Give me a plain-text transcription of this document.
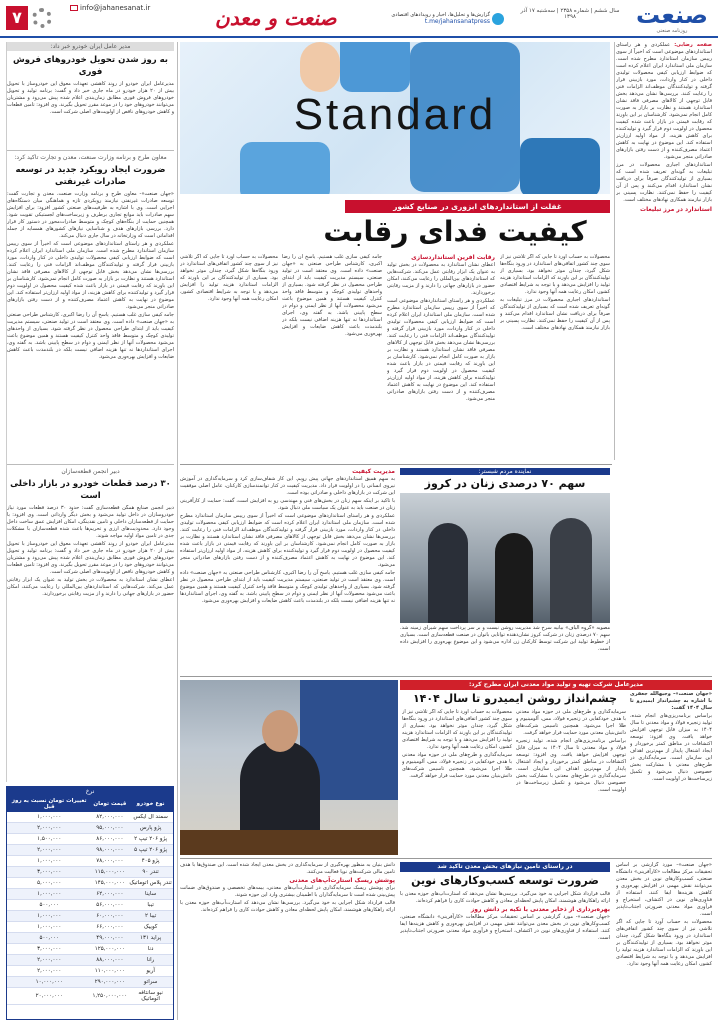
۷	info@jahanesanat.ir	صنعت و معدن	گزارش‌ها و تحلیل‌ها، اخبار و رویدادهای اقتصادی
t.me/jahansanatpress
سال ششم | شماره ۲۳۵۸ | سه‌شنبه ۱۷ آذر ۱۳۹۸	صنعت
روزنامه صنعتی
Standard
غفلت از استانداردهای ابزوری در صنایع کشور
کیفیت فدای رقابت

صفحه رضایی: عملکردی و هر راستای استانداردهای موضوعی است که اخیراً از سوی رییس سازمان استاندارد مطرح شده است. سازمان ملی استاندارد ایران اعلام کرده است که ضوابط ارزیابی کیفی محصولات تولیدی داخلی در کنار واردات، مورد بازبینی قرار گرفته و تولیدکنندگان موظف‌اند الزامات فنی را رعایت کنند. بررسی‌ها نشان می‌دهد بخش قابل توجهی از کالاهای مصرفی فاقد نشان استاندارد هستند و نظارت بر بازار به صورت کامل انجام نمی‌شود. کارشناسان بر این باورند که رقابت قیمتی در بازار باعث شده کیفیت محصول در اولویت دوم قرار گیرد و تولیدکننده برای کاهش هزینه، از مواد اولیه ارزان‌تر استفاده کند. این موضوع در نهایت به کاهش اعتماد مصرف‌کننده و از دست رفتن بازارهای صادراتی منجر می‌شود.

استانداردهای اجباری محصولات در مرز تبلیغات به گونه‌ای تعریف شده است که بسیاری از تولیدکنندگان صرفاً برای دریافت نشان استاندارد اقدام می‌کنند و پس از آن کیفیت را حفظ نمی‌کنند. نظارت پسینی بر بازار نیازمند همکاری نهادهای مختلف است.

استاندارد در مرز تبلیغات

محصولات به حساب آورد تا جایی که اگر تلاشی نیز از سوی چند کشور اتفاقی‌های استاندارد در ورود بنگاه‌ها شکل گیرد، چندان موثر نخواهد بود. بسیاری از تولیدکنندگان بر این باورند که الزامات استاندارد هزینه تولید را افزایش می‌دهد و با توجه به شرایط اقتصادی کشور، امکان رعایت همه آنها وجود ندارد.

استانداردهای اجباری محصولات در مرز تبلیغات به گونه‌ای تعریف شده است که بسیاری از تولیدکنندگان صرفاً برای دریافت نشان استاندارد اقدام می‌کنند و پس از آن کیفیت را حفظ نمی‌کنند. نظارت پسینی بر بازار نیازمند همکاری نهادهای مختلف است.

رقابت آفرین استانداردسازی

اعطای نشان استاندارد به محصولات در بخش تولید به عنوان یک ابزار رقابتی عمل می‌کند. شرکت‌هایی که استانداردهای بین‌المللی را رعایت می‌کنند، امکان حضور در بازارهای جهانی را دارند و از مزیت رقابتی برخوردارند.

عملکردی و هر راستای استانداردهای موضوعی است که اخیراً از سوی رییس سازمان استاندارد مطرح شده است. سازمان ملی استاندارد ایران اعلام کرده است که ضوابط ارزیابی کیفی محصولات تولیدی داخلی در کنار واردات، مورد بازبینی قرار گرفته و تولیدکنندگان موظف‌اند الزامات فنی را رعایت کنند. بررسی‌ها نشان می‌دهد بخش قابل توجهی از کالاهای مصرفی فاقد نشان استاندارد هستند و نظارت بر بازار به صورت کامل انجام نمی‌شود. کارشناسان بر این باورند که رقابت قیمتی در بازار باعث شده کیفیت محصول در اولویت دوم قرار گیرد و تولیدکننده برای کاهش هزینه، از مواد اولیه ارزان‌تر استفاده کند. این موضوع در نهایت به کاهش اعتماد مصرف‌کننده و از دست رفتن بازارهای صادراتی منجر می‌شود.

جامه کیفی سازی غلب هستیم. یاسخ آن را رضا اکبری، کارشناس طراحی صنعتی به «جهان صنعت» داده است. وی معتقد است در تولید صنعتی، سیستم مدیریت کیفیت باید از ابتدای طراحی محصول در نظر گرفته شود. بسیاری از واحدهای تولیدی کوچک و متوسط فاقد واحد کنترل کیفیت هستند و همین موضوع باعث می‌شود محصولات آنها از نظر ایمنی و دوام در سطح پایینی باشد. به گفته وی، اجرای استانداردها نه تنها هزینه اضافی نیست بلکه در بلندمدت باعث کاهش ضایعات و افزایش بهره‌وری می‌شود.

محصولات به حساب آورد تا جایی که اگر تلاشی نیز از سوی چند کشور اتفاقی‌های استاندارد در ورود بنگاه‌ها شکل گیرد، چندان موثر نخواهد بود. بسیاری از تولیدکنندگان بر این باورند که الزامات استاندارد هزینه تولید را افزایش می‌دهد و با توجه به شرایط اقتصادی کشور، امکان رعایت همه آنها وجود ندارد.

مدیر عامل ایران خودرو خبر داد:
به روز شدن تحویل خودروهای فروش فوری
مدیرعامل ایران خودرو از روند کاهشی تعهدات معوق این خودروساز با تحویل بیش از ۲۰ هزار خودرو در ماه جاری خبر داد و گفت: برنامه تولید و تحویل خودروهای فروش فوری مطابق زمان‌بندی اعلام شده پیش می‌رود و مشتریان می‌توانند خودروهای خود را در موعد مقرر تحویل بگیرند. وی افزود: تامین قطعات و کاهش خودروهای ناقص از اولویت‌های اصلی شرکت است.
معاون طرح و برنامه وزارت صنعت، معدن و تجارت تاکید کرد:
ضرورت ایجاد رویکرد جدید در توسعه صادرات غیرنفتی

«جهان صنعت»- معاون طرح و برنامه وزارت صنعت، معدن و تجارت گفت: توسعه صادرات غیرنفتی نیازمند رویکردی تازه و هماهنگی میان دستگاه‌های اجرایی است. وی با اشاره به ظرفیت‌های صنعتی کشور افزود: برای افزایش سهم صادرات باید موانع تجاری برطرف و زیرساخت‌های لجستیکی تقویت شود. همچنین حمایت از بنگاه‌های کوچک و متوسط صادرات‌محور در دستور کار قرار دارد. بررسی بازارهای هدف و شناسایی نیازهای کشورهای همسایه از جمله اقداماتی است که وزارتخانه در سال جاری دنبال می‌کند.

عملکردی و هر راستای استانداردهای موضوعی است که اخیراً از سوی رییس سازمان استاندارد مطرح شده است. سازمان ملی استاندارد ایران اعلام کرده است که ضوابط ارزیابی کیفی محصولات تولیدی داخلی در کنار واردات، مورد بازبینی قرار گرفته و تولیدکنندگان موظف‌اند الزامات فنی را رعایت کنند. بررسی‌ها نشان می‌دهد بخش قابل توجهی از کالاهای مصرفی فاقد نشان استاندارد هستند و نظارت بر بازار به صورت کامل انجام نمی‌شود. کارشناسان بر این باورند که رقابت قیمتی در بازار باعث شده کیفیت محصول در اولویت دوم قرار گیرد و تولیدکننده برای کاهش هزینه، از مواد اولیه ارزان‌تر استفاده کند. این موضوع در نهایت به کاهش اعتماد مصرف‌کننده و از دست رفتن بازارهای صادراتی منجر می‌شود.

جامه کیفی سازی غلب هستیم. یاسخ آن را رضا اکبری، کارشناس طراحی صنعتی به «جهان صنعت» داده است. وی معتقد است در تولید صنعتی، سیستم مدیریت کیفیت باید از ابتدای طراحی محصول در نظر گرفته شود. بسیاری از واحدهای تولیدی کوچک و متوسط فاقد واحد کنترل کیفیت هستند و همین موضوع باعث می‌شود محصولات آنها از نظر ایمنی و دوام در سطح پایینی باشد. به گفته وی، اجرای استانداردها نه تنها هزینه اضافی نیست بلکه در بلندمدت باعث کاهش ضایعات و افزایش بهره‌وری می‌شود.

دبیر انجمن قطعه‌سازان
۳۰ درصد قطعات خودرو در بازار داخلی است

دبیر انجمن صنایع همگن قطعه‌سازی گفت: حدود ۳۰ درصد قطعات مورد نیاز خودروسازان در داخل تولید می‌شود و بخش دیگر وارداتی است. وی افزود: با حمایت از قطعه‌سازان داخلی و تامین نقدینگی، امکان افزایش عمق ساخت داخل وجود دارد. محدودیت‌های ارزی و تحریم‌ها باعث شده قطعه‌سازان با مشکلات جدی در تامین مواد اولیه مواجه شوند.

مدیرعامل ایران خودرو از روند کاهشی تعهدات معوق این خودروساز با تحویل بیش از ۲۰ هزار خودرو در ماه جاری خبر داد و گفت: برنامه تولید و تحویل خودروهای فروش فوری مطابق زمان‌بندی اعلام شده پیش می‌رود و مشتریان می‌توانند خودروهای خود را در موعد مقرر تحویل بگیرند. وی افزود: تامین قطعات و کاهش خودروهای ناقص از اولویت‌های اصلی شرکت است.

اعطای نشان استاندارد به محصولات در بخش تولید به عنوان یک ابزار رقابتی عمل می‌کند. شرکت‌هایی که استانداردهای بین‌المللی را رعایت می‌کنند، امکان حضور در بازارهای جهانی را دارند و از مزیت رقابتی برخوردارند.

نرخ
نوع خودرو	قیمت تومان	تغییرات تومان نسبت به روز قبل
سمند ال ایکس	۸۲,۰۰۰,۰۰۰	۱,۰۰۰,۰۰۰
پژو پارس	۹۵,۰۰۰,۰۰۰	۲,۰۰۰,۰۰۰
پژو ۲۰۶ تیپ ۲	۸۶,۰۰۰,۰۰۰	۱,۵۰۰,۰۰۰
پژو ۲۰۶ تیپ ۵	۹۸,۰۰۰,۰۰۰	۲,۰۰۰,۰۰۰
پژو ۴۰۵	۷۸,۰۰۰,۰۰۰	۱,۰۰۰,۰۰۰
تندر ۹۰	۱۱۵,۰۰۰,۰۰۰	۳,۰۰۰,۰۰۰
تندر پلاس اتوماتیک	۱۴۵,۰۰۰,۰۰۰	۵,۰۰۰,۰۰۰
ساینا	۶۲,۰۰۰,۰۰۰	۱,۰۰۰,۰۰۰
تیبا	۵۶,۰۰۰,۰۰۰	۵۰۰,۰۰۰
تیبا ۲	۶۰,۰۰۰,۰۰۰	۱,۰۰۰,۰۰۰
کوییک	۶۶,۰۰۰,۰۰۰	۱,۰۰۰,۰۰۰
پراید ۱۳۱	۴۹,۰۰۰,۰۰۰	۵۰۰,۰۰۰
دنا	۱۲۵,۰۰۰,۰۰۰	۳,۰۰۰,۰۰۰
رانا	۸۸,۰۰۰,۰۰۰	۲,۰۰۰,۰۰۰
آریو	۱۱۰,۰۰۰,۰۰۰	۲,۰۰۰,۰۰۰
سراتو	۲۹۰,۰۰۰,۰۰۰	۱۰,۰۰۰,۰۰۰
نیو سانتافه اتوماتیک	۱,۲۵۰,۰۰۰,۰۰۰	۲۰,۰۰۰,۰۰۰
نماینده مردم شبستر:
سهم ۷۰ درصدی زنان در کروز
مصوبه «گروه الیاف» بیانیه سرخ شد مدیریت روشن نیست و بر سر پرداخت سهم شیرای زمینه شد. سهم ۷۰ درصدی زنان در شرکت کروز نشان‌دهنده توانایی بانوان در صنعت قطعه‌سازی است. بسیاری از خطوط تولید این شرکت توسط کارکنان زن اداره می‌شود و این موضوع بهره‌وری را افزایش داده است.

مدیریت کیفیت

به سهم همیق استانداردهای جهانی پیش رویم. این کار شفاف‌سازی کرد و سرمایه‌گذاری در آموزش نیروی انسانی را در اولویت قرار داد. مدیریت کیفیت در کنار توانمندسازی کارکنان، عامل اصلی موفقیت این شرکت در بازارهای داخلی و صادراتی بوده است.

با تاکید بر اینکه سهم زنان در بخش‌های فنی و مهندسی رو به افزایش است، گفت: حمایت از کارآفرینی زنان در صنعت باید به عنوان یک سیاست ملی دنبال شود.

عملکردی و هر راستای استانداردهای موضوعی است که اخیراً از سوی رییس سازمان استاندارد مطرح شده است. سازمان ملی استاندارد ایران اعلام کرده است که ضوابط ارزیابی کیفی محصولات تولیدی داخلی در کنار واردات، مورد بازبینی قرار گرفته و تولیدکنندگان موظف‌اند الزامات فنی را رعایت کنند. بررسی‌ها نشان می‌دهد بخش قابل توجهی از کالاهای مصرفی فاقد نشان استاندارد هستند و نظارت بر بازار به صورت کامل انجام نمی‌شود. کارشناسان بر این باورند که رقابت قیمتی در بازار باعث شده کیفیت محصول در اولویت دوم قرار گیرد و تولیدکننده برای کاهش هزینه، از مواد اولیه ارزان‌تر استفاده کند. این موضوع در نهایت به کاهش اعتماد مصرف‌کننده و از دست رفتن بازارهای صادراتی منجر می‌شود.

جامه کیفی سازی غلب هستیم. یاسخ آن را رضا اکبری، کارشناس طراحی صنعتی به «جهان صنعت» داده است. وی معتقد است در تولید صنعتی، سیستم مدیریت کیفیت باید از ابتدای طراحی محصول در نظر گرفته شود. بسیاری از واحدهای تولیدی کوچک و متوسط فاقد واحد کنترل کیفیت هستند و همین موضوع باعث می‌شود محصولات آنها از نظر ایمنی و دوام در سطح پایینی باشد. به گفته وی، اجرای استانداردها نه تنها هزینه اضافی نیست بلکه در بلندمدت باعث کاهش ضایعات و افزایش بهره‌وری می‌شود.

مدیرعامل شرکت تهیه و تولید مواد معدنی ایران مطرح کرد:
چشم‌انداز روشن ایمیدرو تا سال ۱۴۰۴	«جهان صنعت»- وجیهالله جعفری با اشاره به چشم‌انداز ایمیدرو تا سال ۱۴۰۴ گفت:

براساس برنامه‌ریزی‌های انجام شده، تولید زنجیره فولاد و مواد معدنی تا سال ۱۴۰۴ به میزان قابل توجهی افزایش خواهد یافت. وی افزود: توسعه اکتشافات در مناطق کمتر برخوردار و ایجاد اشتغال پایدار از مهم‌ترین اهداف این سازمان است. سرمایه‌گذاری در طرح‌های معدنی با مشارکت بخش خصوصی دنبال می‌شود و تکمیل زیرساخت‌ها در اولویت است.

سرمایه‌گذاری و طرح‌های ملی در حوزه مواد معدنی با هدف خودکفایی در زنجیره فولاد، مس، آلومینیوم و طلا اجرا می‌شود. همچنین تاسیس شرکت‌های دانش‌بنیان معدنی مورد حمایت قرار خواهد گرفت.

براساس برنامه‌ریزی‌های انجام شده، تولید زنجیره فولاد و مواد معدنی تا سال ۱۴۰۴ به میزان قابل توجهی افزایش خواهد یافت. وی افزود: توسعه اکتشافات در مناطق کمتر برخوردار و ایجاد اشتغال پایدار از مهم‌ترین اهداف این سازمان است. سرمایه‌گذاری در طرح‌های معدنی با مشارکت بخش خصوصی دنبال می‌شود و تکمیل زیرساخت‌ها در اولویت است.

محصولات به حساب آورد تا جایی که اگر تلاشی نیز از سوی چند کشور اتفاقی‌های استاندارد در ورود بنگاه‌ها شکل گیرد، چندان موثر نخواهد بود. بسیاری از تولیدکنندگان بر این باورند که الزامات استاندارد هزینه تولید را افزایش می‌دهد و با توجه به شرایط اقتصادی کشور، امکان رعایت همه آنها وجود ندارد.

سرمایه‌گذاری و طرح‌های ملی در حوزه مواد معدنی با هدف خودکفایی در زنجیره فولاد، مس، آلومینیوم و طلا اجرا می‌شود. همچنین تاسیس شرکت‌های دانش‌بنیان معدنی مورد حمایت قرار خواهد گرفت.

در راستای تامین نیازهای بخش معدن تاکید شد
ضرورت توسعه کسب‌وکارهای نوین

«جهان صنعت»- مورد گزارشی بر اساس تحقیقات مرکز مطالعات «کارآفرینی» دانشگاه صنعتی، کسب‌وکارهای نوین در بخش معدن می‌توانند نقش مهمی در افزایش بهره‌وری و کاهش هزینه‌ها ایفا کنند. استفاده از فناوری‌های نوین در اکتشاف، استخراج و فرآوری مواد معدنی ضرورتی اجتناب‌ناپذیر است.

محصولات به حساب آورد تا جایی که اگر تلاشی نیز از سوی چند کشور اتفاقی‌های استاندارد در ورود بنگاه‌ها شکل گیرد، چندان موثر نخواهد بود. بسیاری از تولیدکنندگان بر این باورند که الزامات استاندارد هزینه تولید را افزایش می‌دهد و با توجه به شرایط اقتصادی کشور، امکان رعایت همه آنها وجود ندارد.

قالب قرارداد شکل اجرایی به خود می‌گیرد. بررسی‌ها نشان می‌دهد که استارت‌آپ‌های حوزه معدن با ارائه راهکارهای هوشمند، امکان پایش لحظه‌ای معادن و کاهش حوادث کاری را فراهم کرده‌اند.

بهره‌برداری از ذخایر معدنی با تکیه بر دانش روز

«جهان صنعت»- مورد گزارشی بر اساس تحقیقات مرکز مطالعات «کارآفرینی» دانشگاه صنعتی، کسب‌وکارهای نوین در بخش معدن می‌توانند نقش مهمی در افزایش بهره‌وری و کاهش هزینه‌ها ایفا کنند. استفاده از فناوری‌های نوین در اکتشاف، استخراج و فرآوری مواد معدنی ضرورتی اجتناب‌ناپذیر است.

دانش بنیان به منظور بهره‌گیری از سرمایه‌گذاری در بخش معدن ایجاد شده است. این صندوق‌ها با هدف تامین مالی شرکت‌های نوپا فعالیت می‌کنند.

پوشش ریسک استارت‌آپ‌های معدنی

برای پوشش ریسک سرمایه‌گذاری در استارت‌آپ‌های معدنی، بیمه‌های تخصصی و صندوق‌های ضمانت پیش‌بینی شده است تا سرمایه‌گذاران با اطمینان بیشتری وارد این حوزه شوند.

قالب قرارداد شکل اجرایی به خود می‌گیرد. بررسی‌ها نشان می‌دهد که استارت‌آپ‌های حوزه معدن با ارائه راهکارهای هوشمند، امکان پایش لحظه‌ای معادن و کاهش حوادث کاری را فراهم کرده‌اند.
